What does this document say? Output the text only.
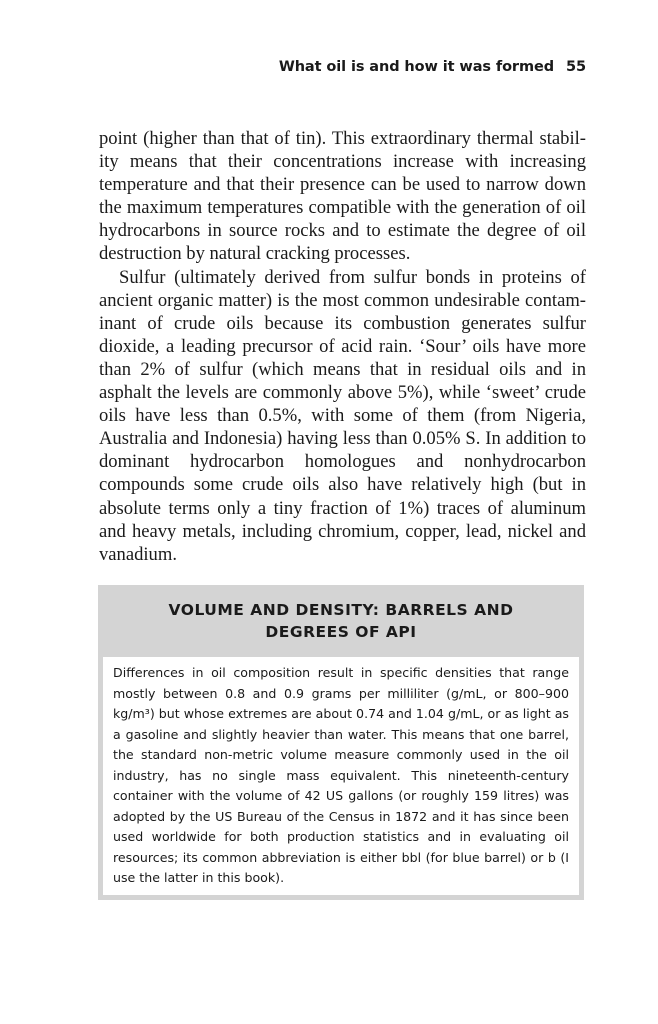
What oil is and how it was formed 55

point (higher than that of tin). This extraordinary thermal stability means that their concentrations increase with increasing temperature and that their presence can be used to narrow down the maximum temperatures compatible with the generation of oil hydrocarbons in source rocks and to estimate the degree of oil destruction by natural cracking processes.

Sulfur (ultimately derived from sulfur bonds in proteins of ancient organic matter) is the most common undesirable contaminant of crude oils because its combustion generates sulfur dioxide, a leading precursor of acid rain. ‘Sour’ oils have more than 2% of sulfur (which means that in residual oils and in asphalt the levels are commonly above 5%), while ‘sweet’ crude oils have less than 0.5%, with some of them (from Nigeria, Australia and Indonesia) having less than 0.05% S. In addition to dominant hydrocarbon homologues and nonhydrocarbon compounds some crude oils also have relatively high (but in absolute terms only a tiny fraction of 1%) traces of aluminum and heavy metals, including chromium, copper, lead, nickel and vanadium.

VOLUME AND DENSITY: BARRELS AND
DEGREES OF API

Differences in oil composition result in specific densities that range mostly between 0.8 and 0.9 grams per milliliter (g/mL, or 800–900 kg/m³) but whose extremes are about 0.74 and 1.04 g/mL, or as light as a gasoline and slightly heavier than water. This means that one barrel, the standard non-metric volume measure commonly used in the oil industry, has no single mass equivalent. This nineteenth-century container with the volume of 42 US gallons (or roughly 159 litres) was adopted by the US Bureau of the Census in 1872 and it has since been used worldwide for both production statistics and in evaluating oil resources; its common abbreviation is either bbl (for blue barrel) or b (I use the latter in this book).
